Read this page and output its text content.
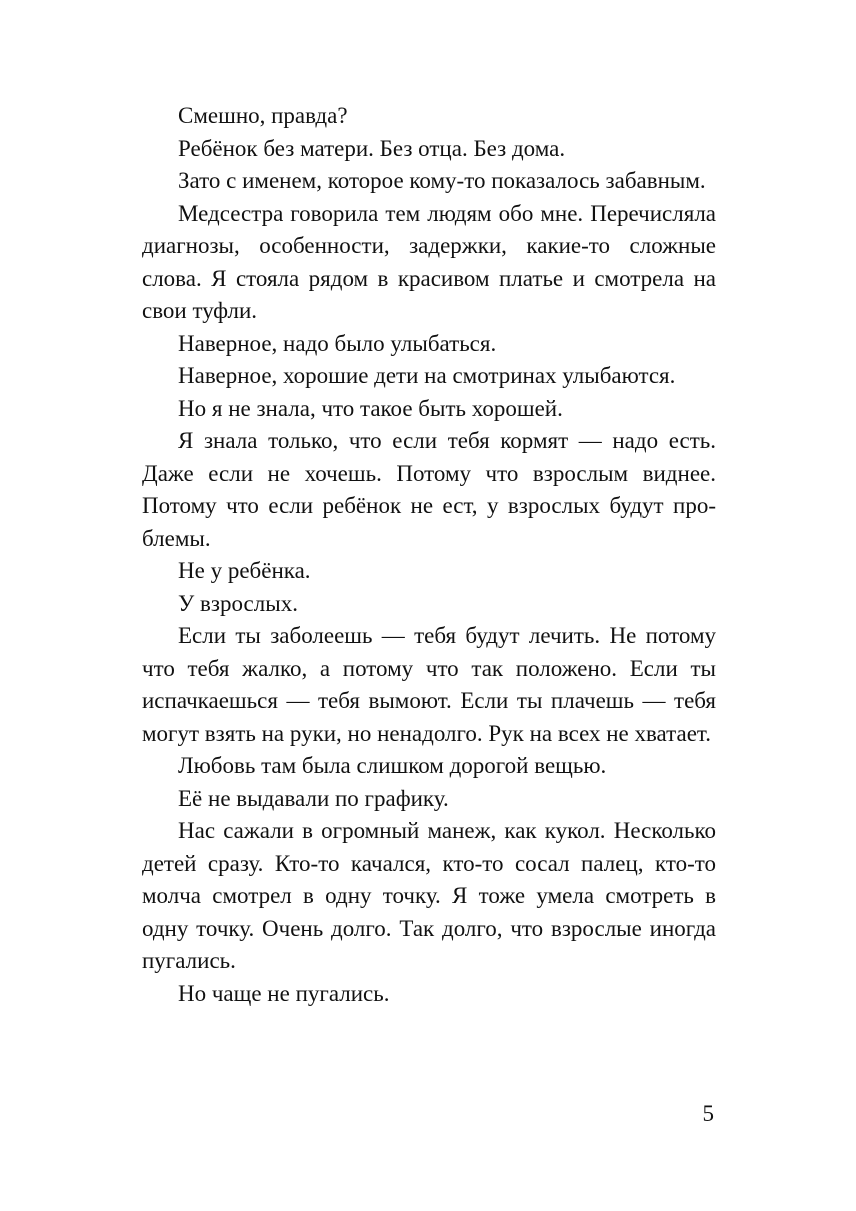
Смешно, правда?

Ребёнок без матери. Без отца. Без дома.

Зато с именем, которое кому-то показалось забавным.

Медсестра говорила тем людям обо мне. Перечисляла диагнозы, особенности, задержки, какие-то сложные слова. Я стояла рядом в красивом платье и смотрела на свои туфли.

Наверное, надо было улыбаться.

Наверное, хорошие дети на смотринах улыбаются.

Но я не знала, что такое быть хорошей.

Я знала только, что если тебя кормят — надо есть. Даже если не хочешь. Потому что взрослым виднее. Потому что если ребёнок не ест, у взрослых будут проблемы.

Не у ребёнка.

У взрослых.

Если ты заболеешь — тебя будут лечить. Не потому что тебя жалко, а потому что так положено. Если ты испачкаешься — тебя вымоют. Если ты плачешь — тебя могут взять на руки, но ненадолго. Рук на всех не хватает.

Любовь там была слишком дорогой вещью.

Её не выдавали по графику.

Нас сажали в огромный манеж, как кукол. Несколько детей сразу. Кто-то качался, кто-то сосал палец, кто-то молча смотрел в одну точку. Я тоже умела смотреть в одну точку. Очень долго. Так долго, что взрослые иногда пугались.

Но чаще не пугались.

5
